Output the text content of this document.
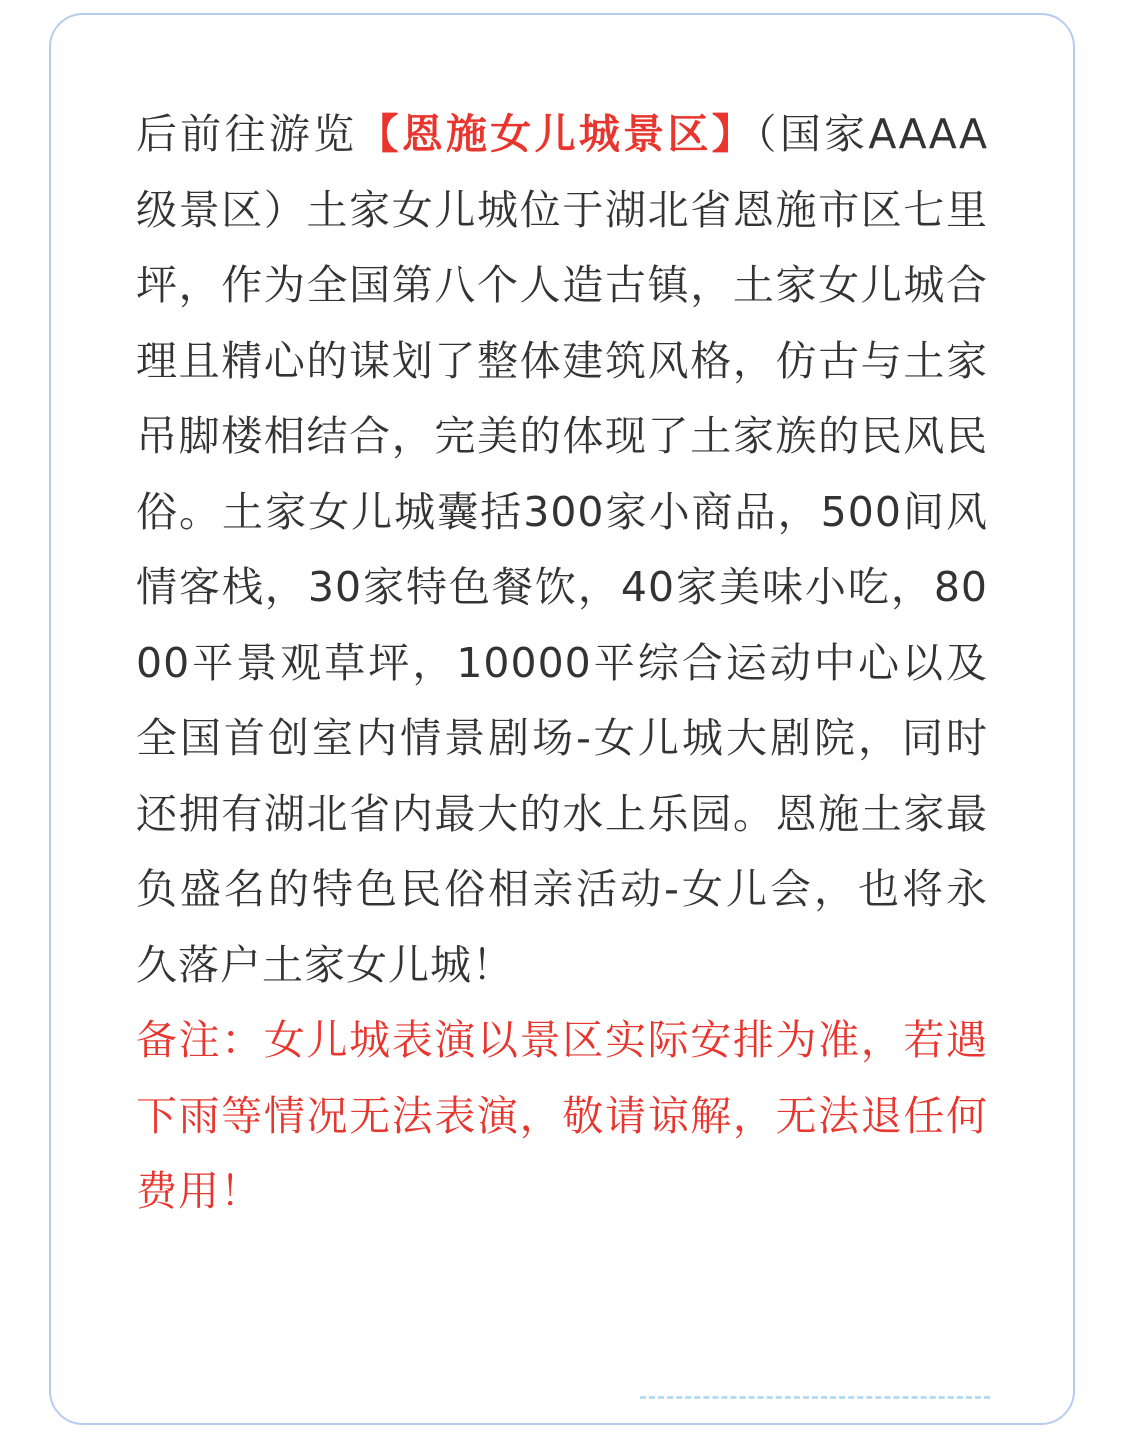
后前往游览【恩施女儿城景区】（国家AAAA级景区）土家女儿城位于湖北省恩施市区七里坪，作为全国第八个人造古镇，土家女儿城合理且精心的谋划了整体建筑风格，仿古与土家吊脚楼相结合，完美的体现了土家族的民风民俗。土家女儿城囊括300家小商品，500间风情客栈，30家特色餐饮，40家美味小吃，8000平景观草坪，10000平综合运动中心以及全国首创室内情景剧场-女儿城大剧院，同时还拥有湖北省内最大的水上乐园。恩施土家最负盛名的特色民俗相亲活动-女儿会，也将永久落户土家女儿城！

备注：女儿城表演以景区实际安排为准，若遇下雨等情况无法表演，敬请谅解，无法退任何费用！
